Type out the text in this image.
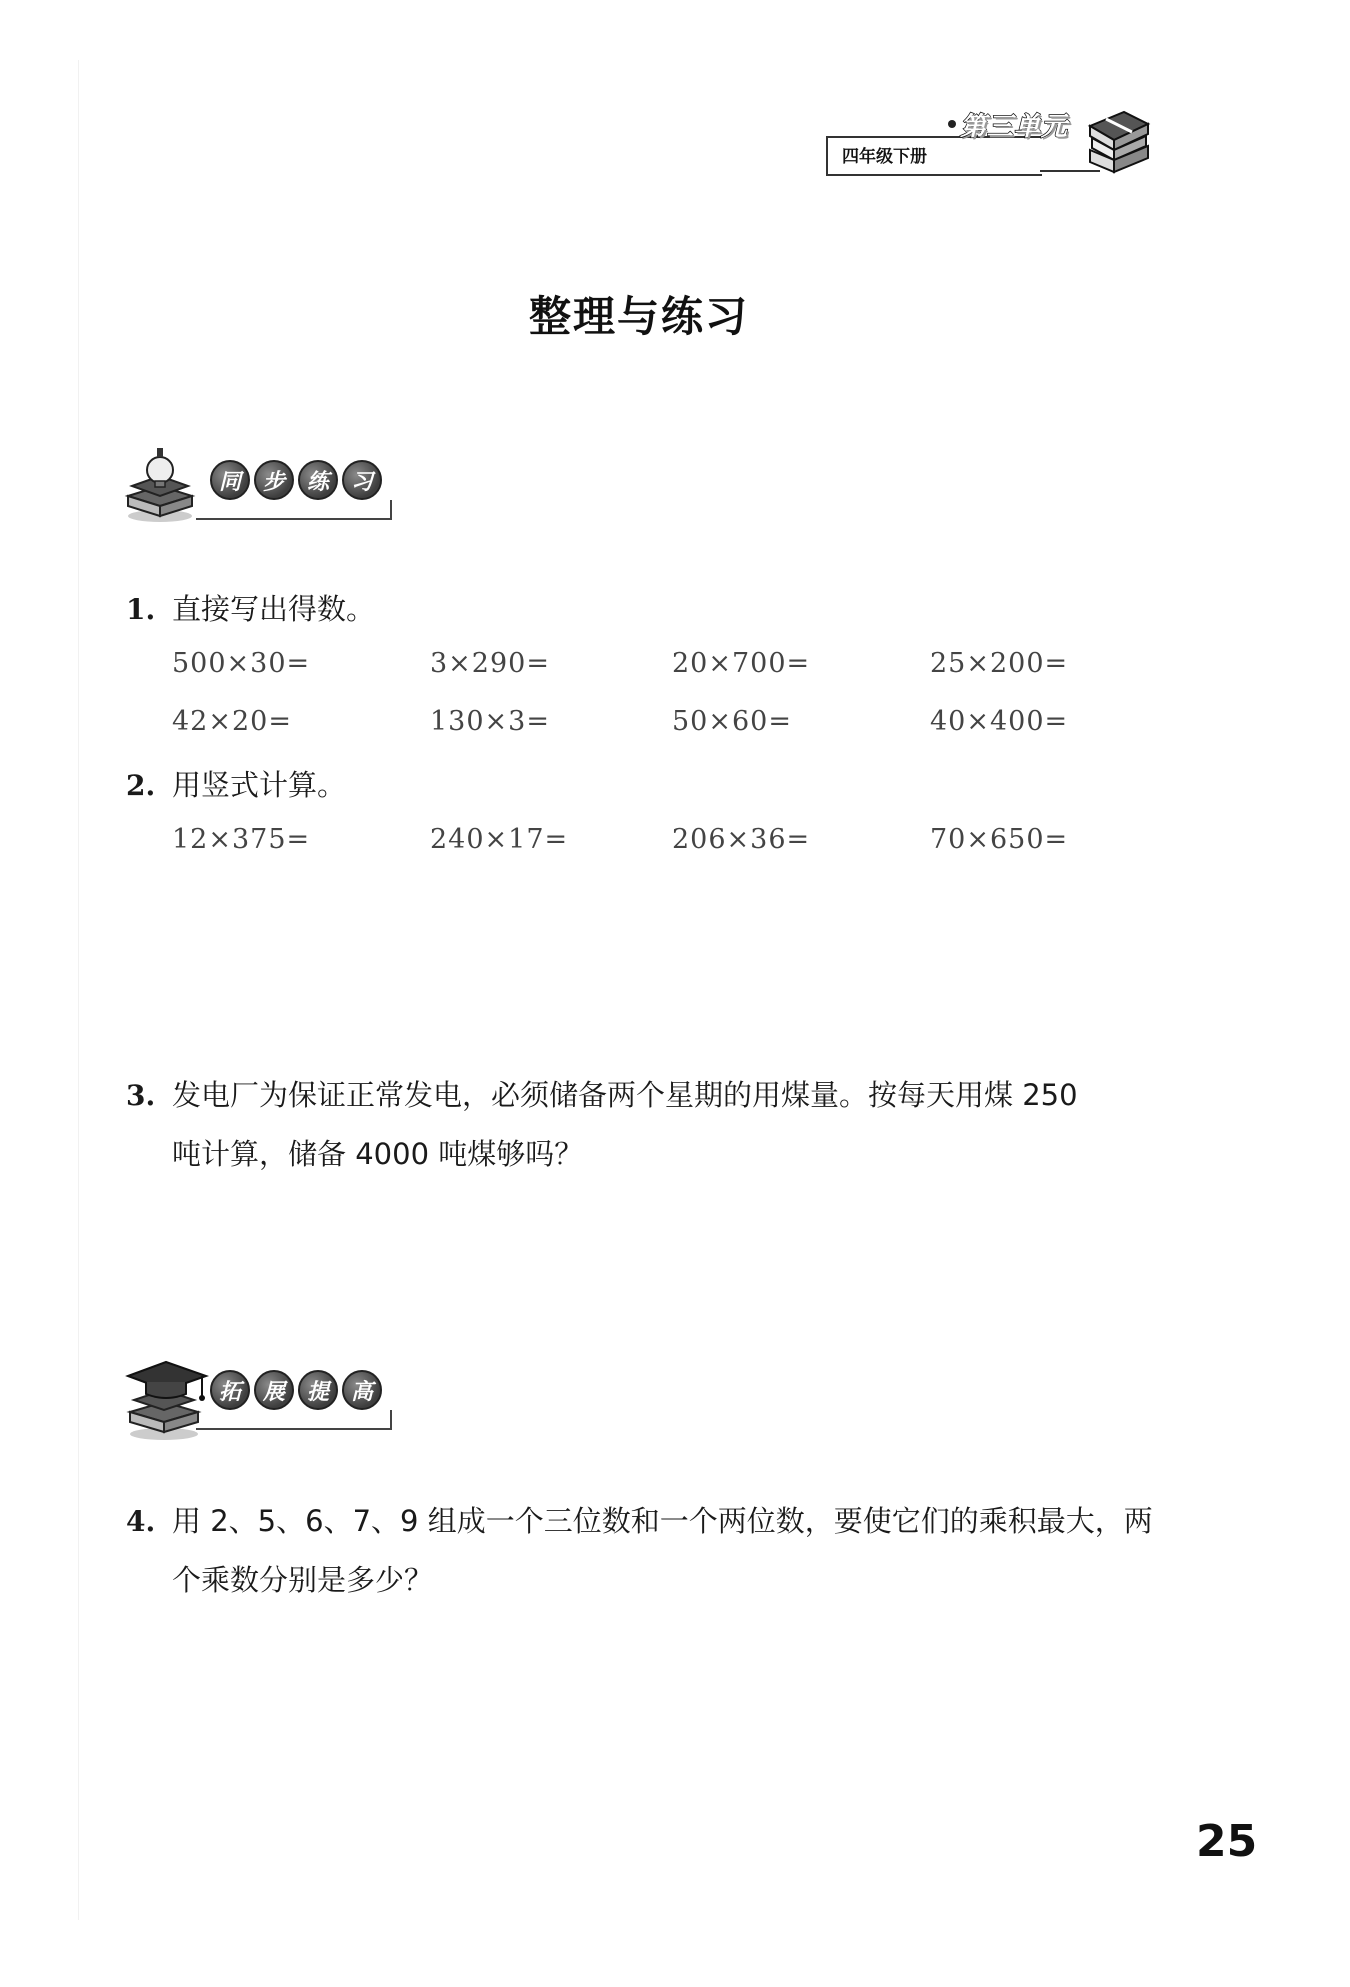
四年级下册
第三单元
整理与练习
同 步 练 习
1. 直接写出得数。
500×30=	3×290=	20×700=	25×200=
42×20=	130×3=	50×60=	40×400=
2. 用竖式计算。
12×375=	240×17=	206×36=	70×650=
3. 发电厂为保证正常发电，必须储备两个星期的用煤量。按每天用煤 250
吨计算，储备 4000 吨煤够吗？
拓 展 提 高
4. 用 2、5、6、7、9 组成一个三位数和一个两位数，要使它们的乘积最大，两
个乘数分别是多少？
25
